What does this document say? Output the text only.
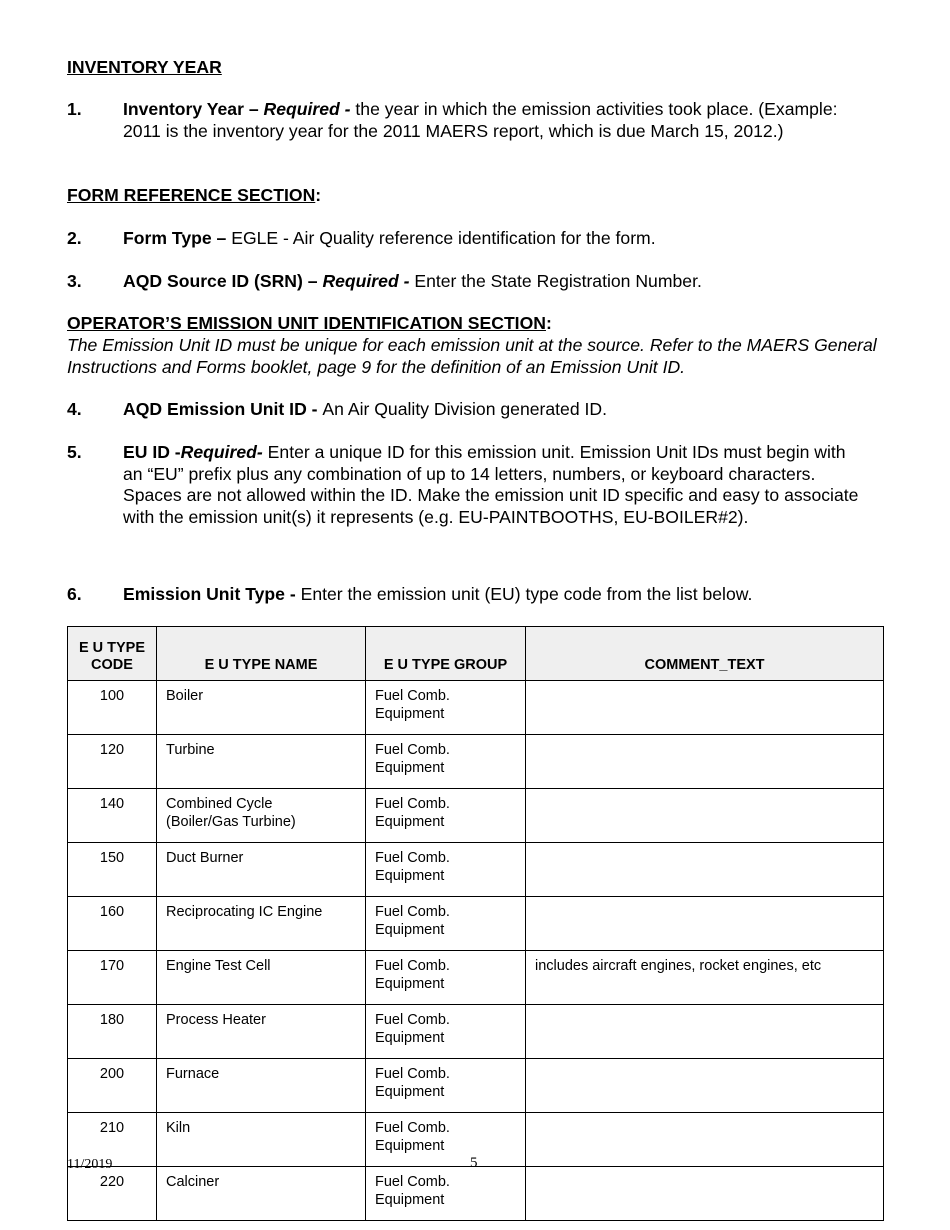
INVENTORY YEAR
1. Inventory Year – Required - the year in which the emission activities took place. (Example: 2011 is the inventory year for the 2011 MAERS report, which is due March 15, 2012.)
FORM REFERENCE SECTION:
2. Form Type – EGLE - Air Quality reference identification for the form.
3. AQD Source ID (SRN) – Required - Enter the State Registration Number.
OPERATOR’S EMISSION UNIT IDENTIFICATION SECTION:
The Emission Unit ID must be unique for each emission unit at the source. Refer to the MAERS General Instructions and Forms booklet, page 9 for the definition of an Emission Unit ID.
4. AQD Emission Unit ID - An Air Quality Division generated ID.
5. EU ID -Required- Enter a unique ID for this emission unit. Emission Unit IDs must begin with an “EU” prefix plus any combination of up to 14 letters, numbers, or keyboard characters. Spaces are not allowed within the ID. Make the emission unit ID specific and easy to associate with the emission unit(s) it represents (e.g. EU-PAINTBOOTHS, EU-BOILER#2).
6. Emission Unit Type - Enter the emission unit (EU) type code from the list below.
E U TYPE
CODE	E U TYPE NAME	E U TYPE GROUP	COMMENT_TEXT
100	Boiler	Fuel Comb.
Equipment	
120	Turbine	Fuel Comb.
Equipment	
140	Combined Cycle
(Boiler/Gas Turbine)	Fuel Comb.
Equipment	
150	Duct Burner	Fuel Comb.
Equipment	
160	Reciprocating IC Engine	Fuel Comb.
Equipment	
170	Engine Test Cell	Fuel Comb.
Equipment	includes aircraft engines, rocket engines, etc
180	Process Heater	Fuel Comb.
Equipment	
200	Furnace	Fuel Comb.
Equipment	
210	Kiln	Fuel Comb.
Equipment	
220	Calciner	Fuel Comb.
Equipment	
11/2019	5
